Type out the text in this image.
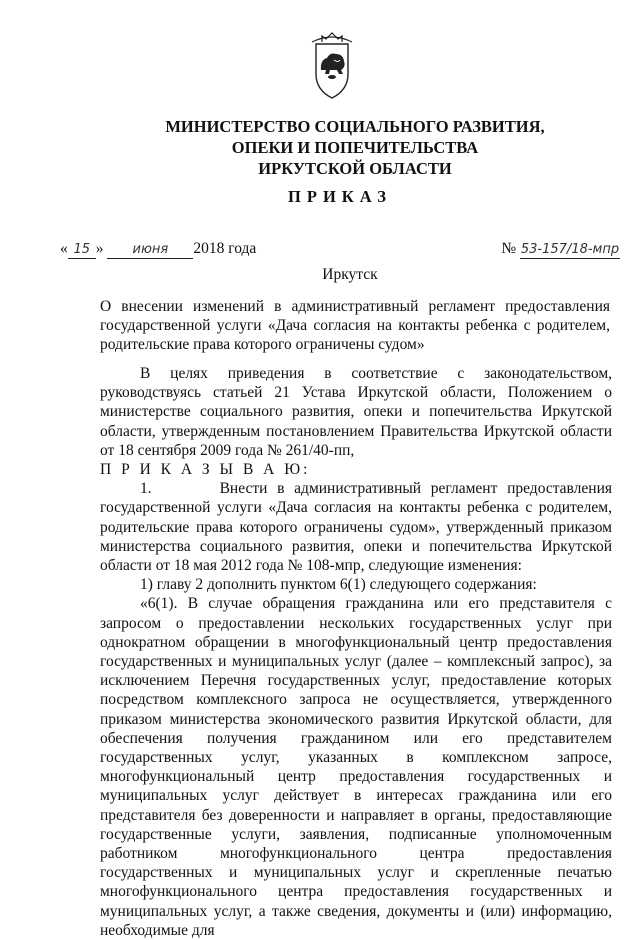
МИНИСТЕРСТВО СОЦИАЛЬНОГО РАЗВИТИЯ,
ОПЕКИ И ПОПЕЧИТЕЛЬСТВА
ИРКУТСКОЙ ОБЛАСТИ
ПРИКАЗ
« 15 » июня 2018 года	№ 53-157/18-мпр
Иркутск
О внесении изменений в административный регламент предоставления государственной услуги «Дача согласия на контакты ребенка с родителем, родительские права которого ограничены судом»

В целях приведения в соответствие с законодательством, руководствуясь статьей 21 Устава Иркутской области, Положением о министерстве социального развития, опеки и попечительства Иркутской области, утвержденным постановлением Правительства Иркутской области от 18 сентября 2009 года № 261/40-пп,

П Р И К А З Ы В А Ю:

1.	Внести в административный регламент предоставления государственной услуги «Дача согласия на контакты ребенка с родителем, родительские права которого ограничены судом», утвержденный приказом министерства социального развития, опеки и попечительства Иркутской области от 18 мая 2012 года № 108-мпр, следующие изменения:

1) главу 2 дополнить пунктом 6(1) следующего содержания:

«6(1). В случае обращения гражданина или его представителя с запросом о предоставлении нескольких государственных услуг при однократном обращении в многофункциональный центр предоставления государственных и муниципальных услуг (далее – комплексный запрос), за исключением Перечня государственных услуг, предоставление которых посредством комплексного запроса не осуществляется, утвержденного приказом министерства экономического развития Иркутской области, для обеспечения получения гражданином или его представителем государственных услуг, указанных в комплексном запросе, многофункциональный центр предоставления государственных и муниципальных услуг действует в интересах гражданина или его представителя без доверенности и направляет в органы, предоставляющие государственные услуги, заявления, подписанные уполномоченным работником многофункционального центра предоставления государственных и муниципальных услуг и скрепленные печатью многофункционального центра предоставления государственных и муниципальных услуг, а также сведения, документы и (или) информацию, необходимые для
